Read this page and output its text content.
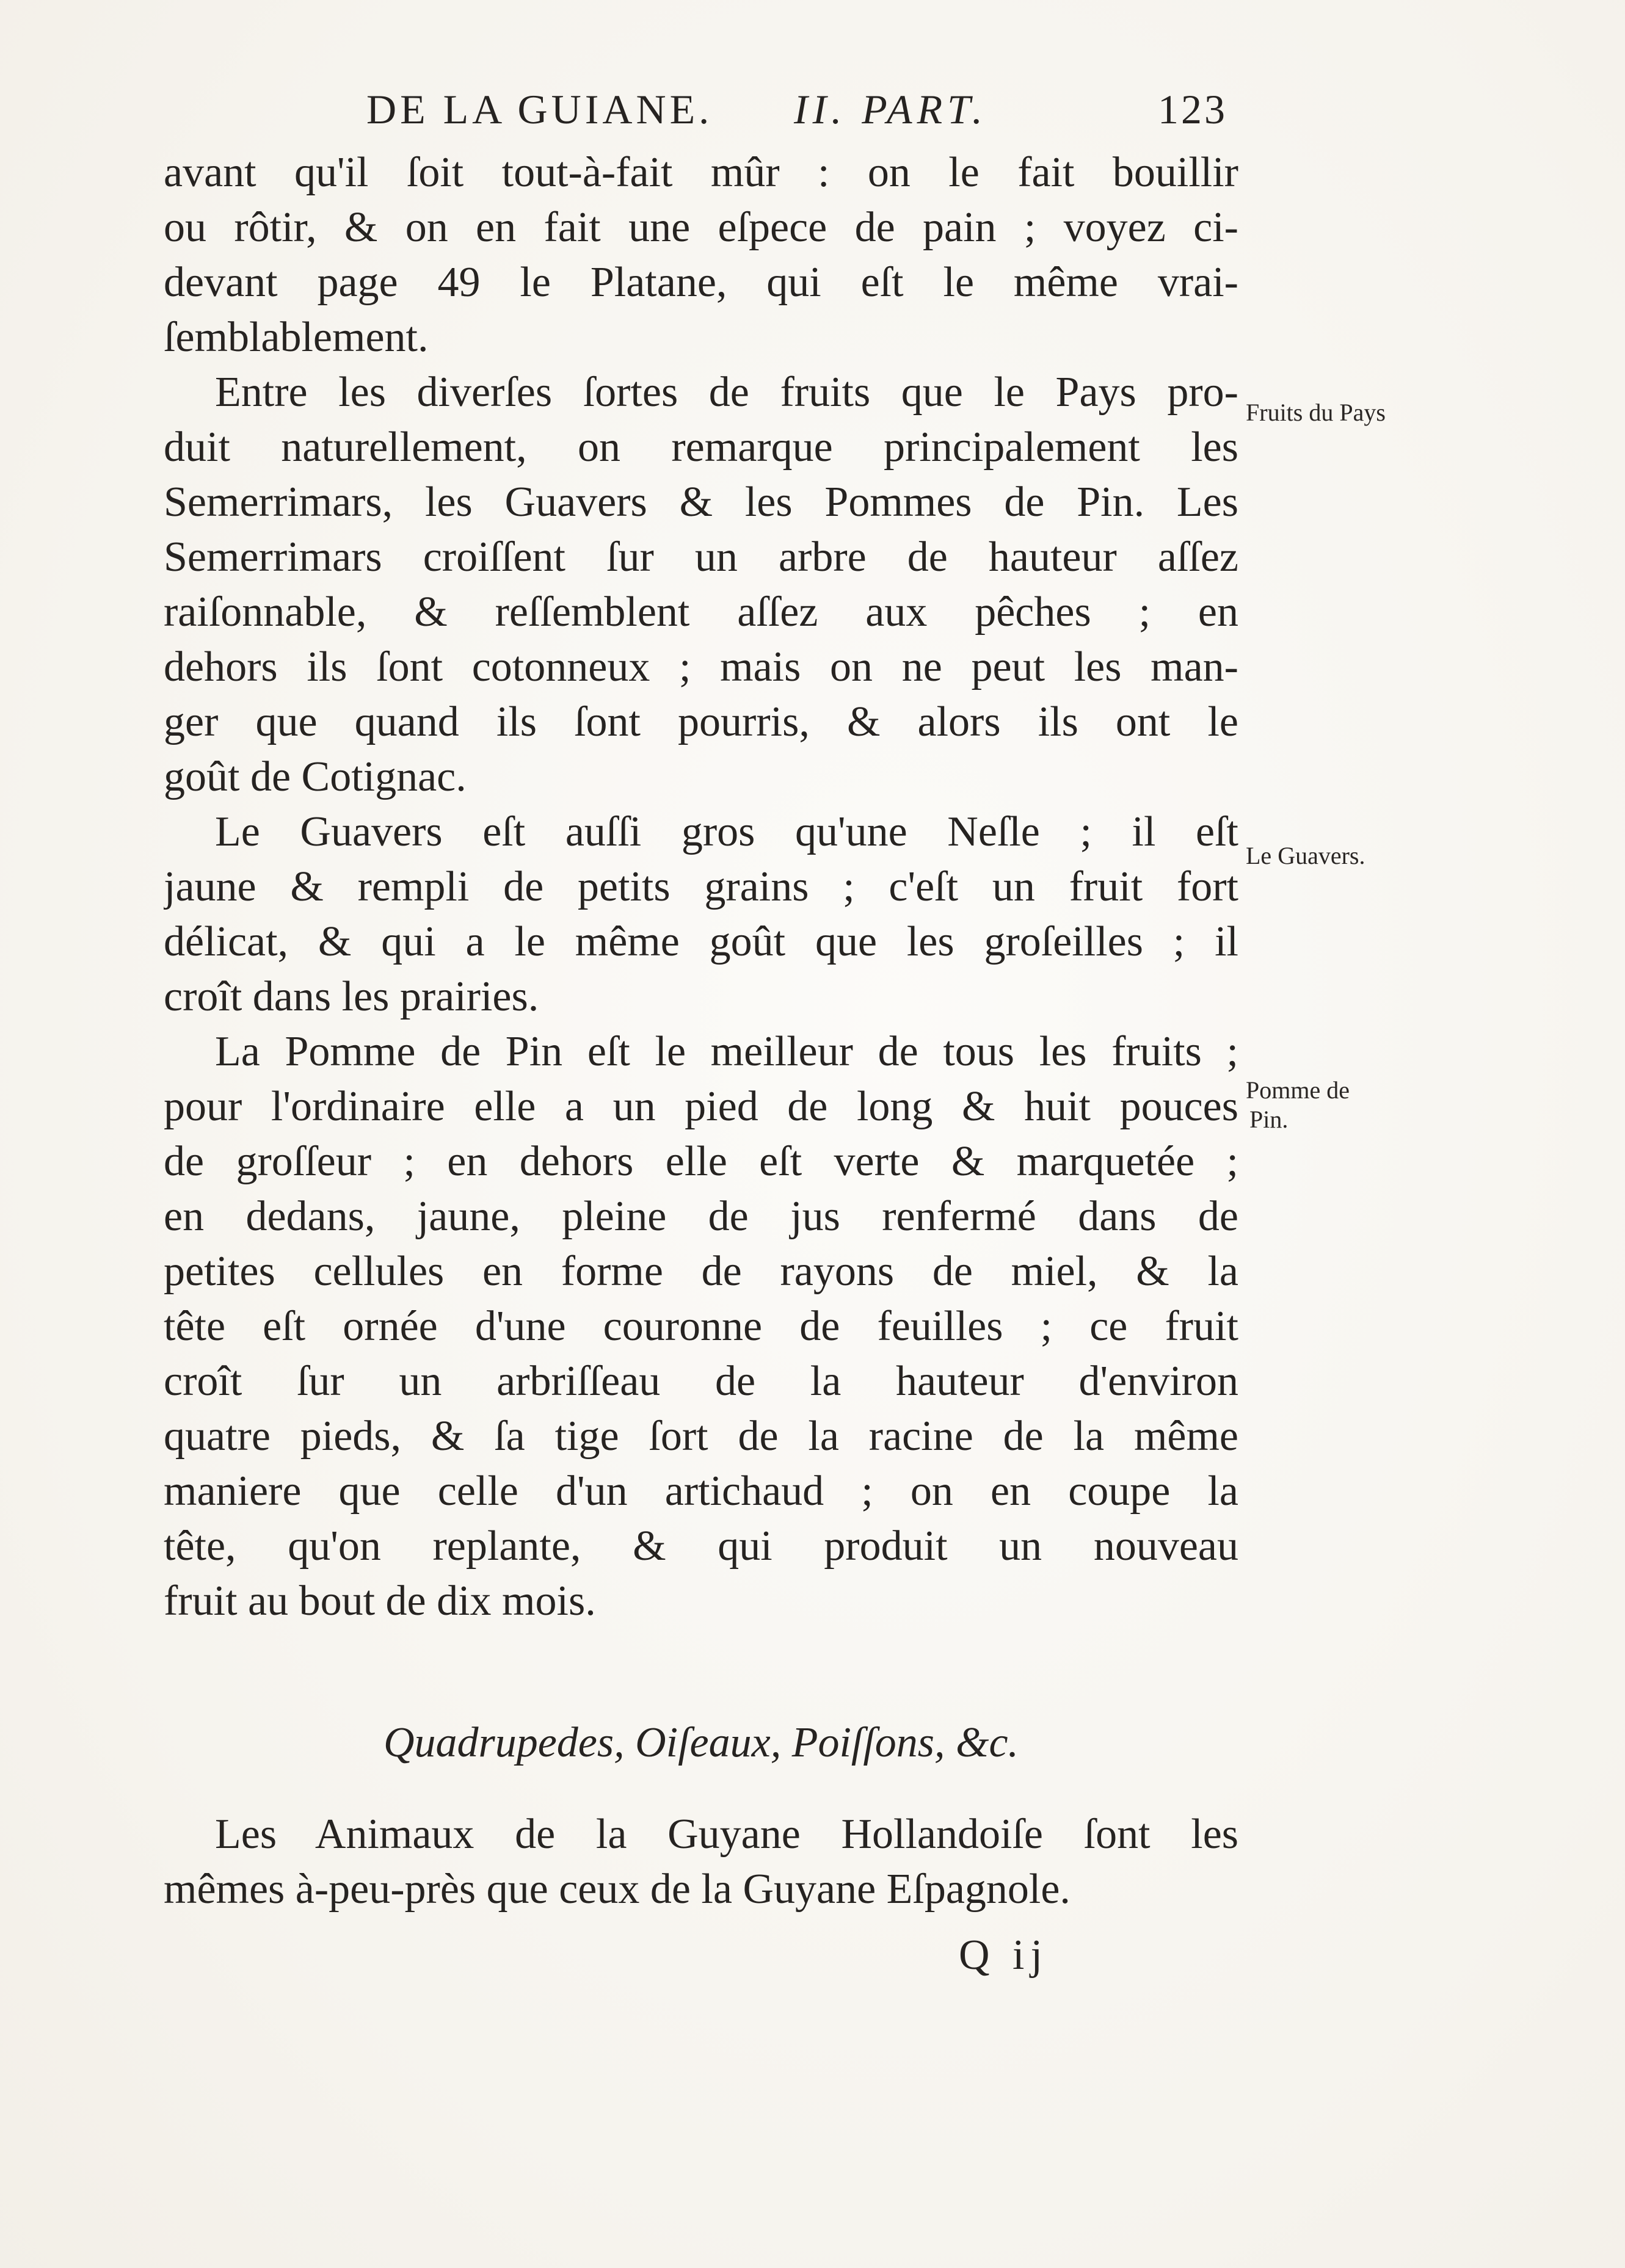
DE LA GUIANE. II. PART.	123
avant qu'il ſoit tout-à-fait mûr : on le fait bouillir
ou rôtir, & on en fait une eſpece de pain ; voyez ci-
devant page 49 le Platane, qui eſt le même vrai-
ſemblablement.
Entre les diverſes ſortes de fruits que le Pays pro-
duit naturellement, on remarque principalement les
Semerrimars, les Guavers & les Pommes de Pin. Les
Semerrimars croiſſent ſur un arbre de hauteur aſſez
raiſonnable, & reſſemblent aſſez aux pêches ; en
dehors ils ſont cotonneux ; mais on ne peut les man-
ger que quand ils ſont pourris, & alors ils ont le
goût de Cotignac.
Le Guavers eſt auſſi gros qu'une Neſle ; il eſt
jaune & rempli de petits grains ; c'eſt un fruit fort
délicat, & qui a le même goût que les groſeilles ; il
croît dans les prairies.
La Pomme de Pin eſt le meilleur de tous les fruits ;
pour l'ordinaire elle a un pied de long & huit pouces
de groſſeur ; en dehors elle eſt verte & marquetée ;
en dedans, jaune, pleine de jus renfermé dans de
petites cellules en forme de rayons de miel, & la
tête eſt ornée d'une couronne de feuilles ; ce fruit
croît ſur un arbriſſeau de la hauteur d'environ
quatre pieds, & ſa tige ſort de la racine de la même
maniere que celle d'un artichaud ; on en coupe la
tête, qu'on replante, & qui produit un nouveau
fruit au bout de dix mois.
Quadrupedes, Oiſeaux, Poiſſons, &c.
Les Animaux de la Guyane Hollandoiſe ſont les
mêmes à-peu-près que ceux de la Guyane Eſpagnole.
Q ij
Fruits du Pays
Le Guavers.
Pomme de
Pin.
